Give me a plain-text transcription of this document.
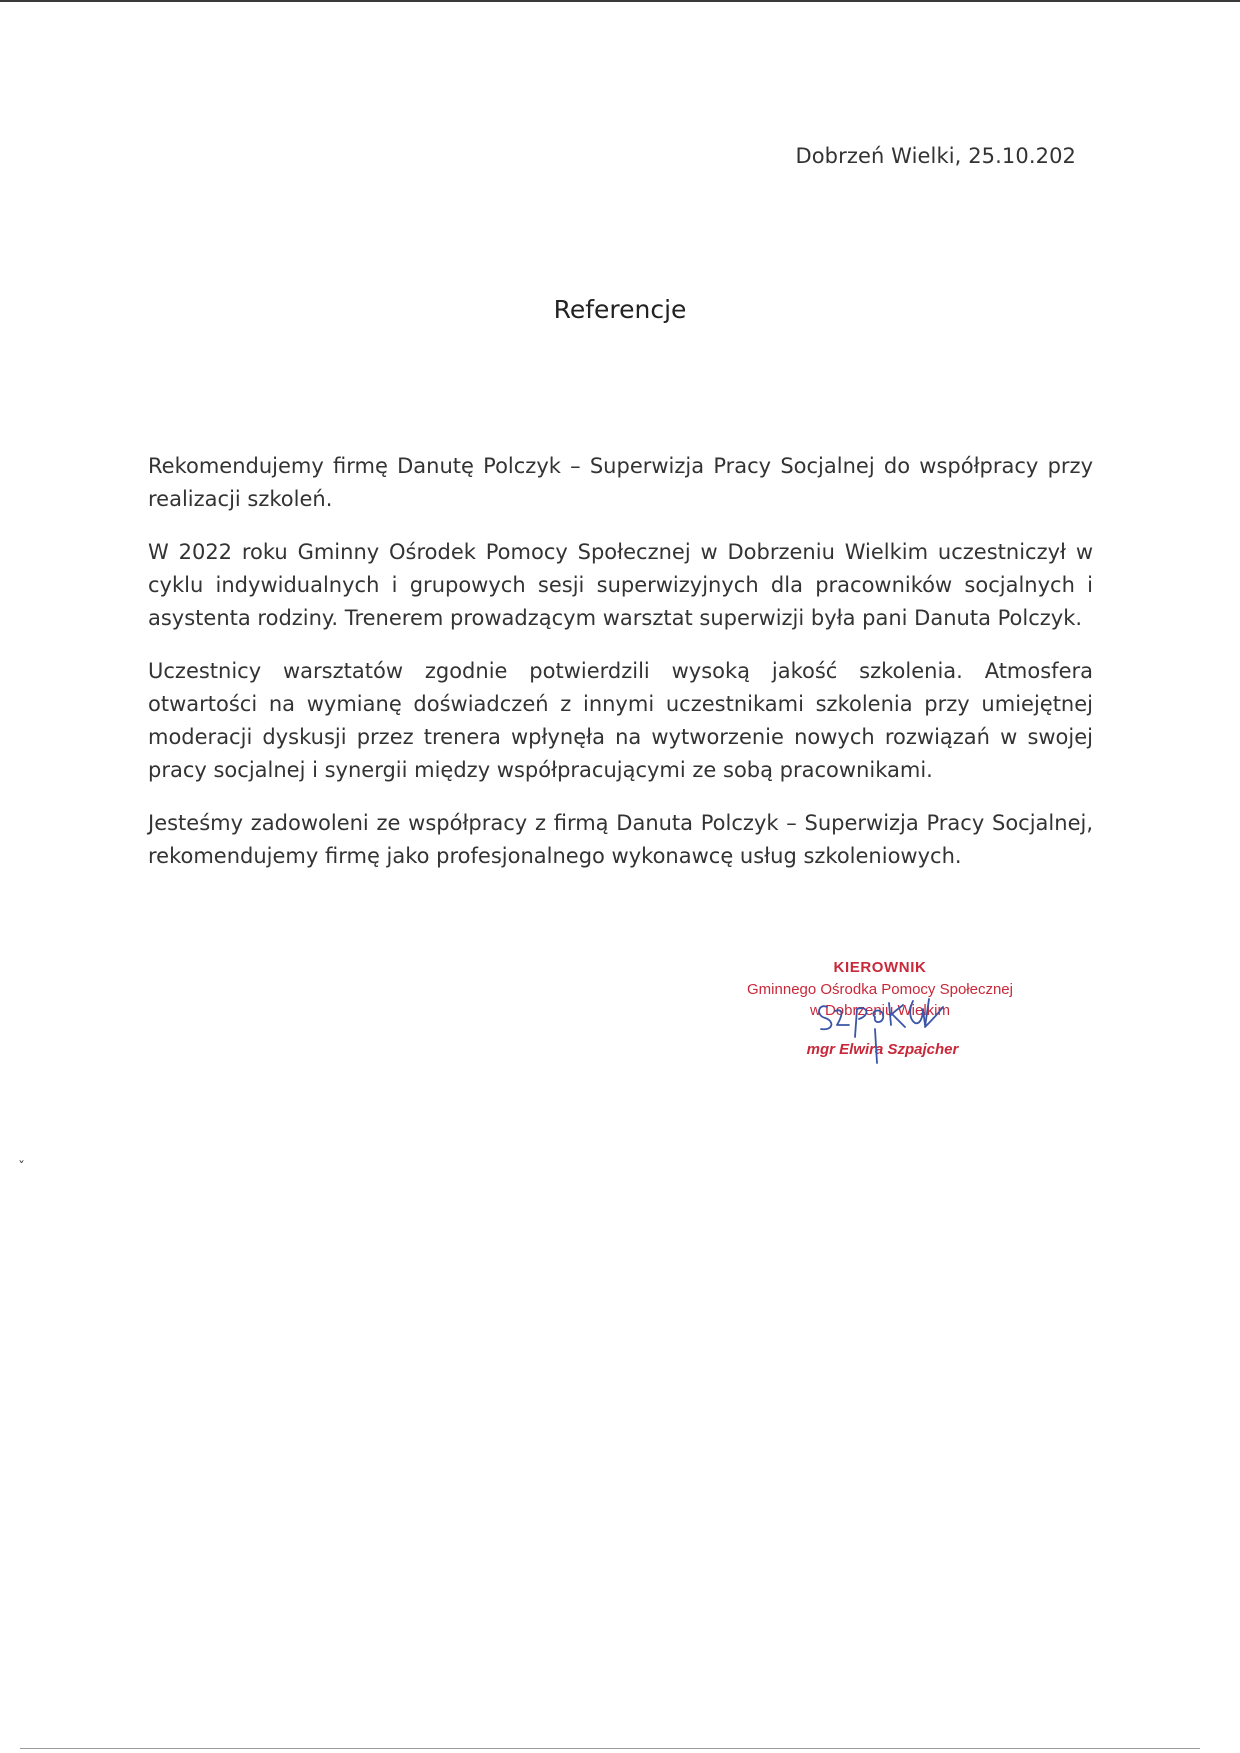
Dobrzeń Wielki, 25.10.202
Referencje

Rekomendujemy firmę Danutę Polczyk – Superwizja Pracy Socjalnej do współpracy przy realizacji szkoleń.

W 2022 roku Gminny Ośrodek Pomocy Społecznej w Dobrzeniu Wielkim uczestniczył w cyklu indywidualnych i grupowych sesji superwizyjnych dla pracowników socjalnych i asystenta rodziny. Trenerem prowadzącym warsztat superwizji była pani Danuta Polczyk.

Uczestnicy warsztatów zgodnie potwierdzili wysoką jakość szkolenia. Atmosfera otwartości na wymianę doświadczeń z innymi uczestnikami szkolenia przy umiejętnej moderacji dyskusji przez trenera wpłynęła na wytworzenie nowych rozwiązań w swojej pracy socjalnej i synergii między współpracującymi ze sobą pracownikami.

Jesteśmy zadowoleni ze współpracy z firmą Danuta Polczyk – Superwizja Pracy Socjalnej, rekomendujemy firmę jako profesjonalnego wykonawcę usług szkoleniowych.

KIEROWNIK
Gminnego Ośrodka Pomocy Społecznej
w Dobrzeniu Wielkim
mgr Elwira Szpajcher
ˇ
